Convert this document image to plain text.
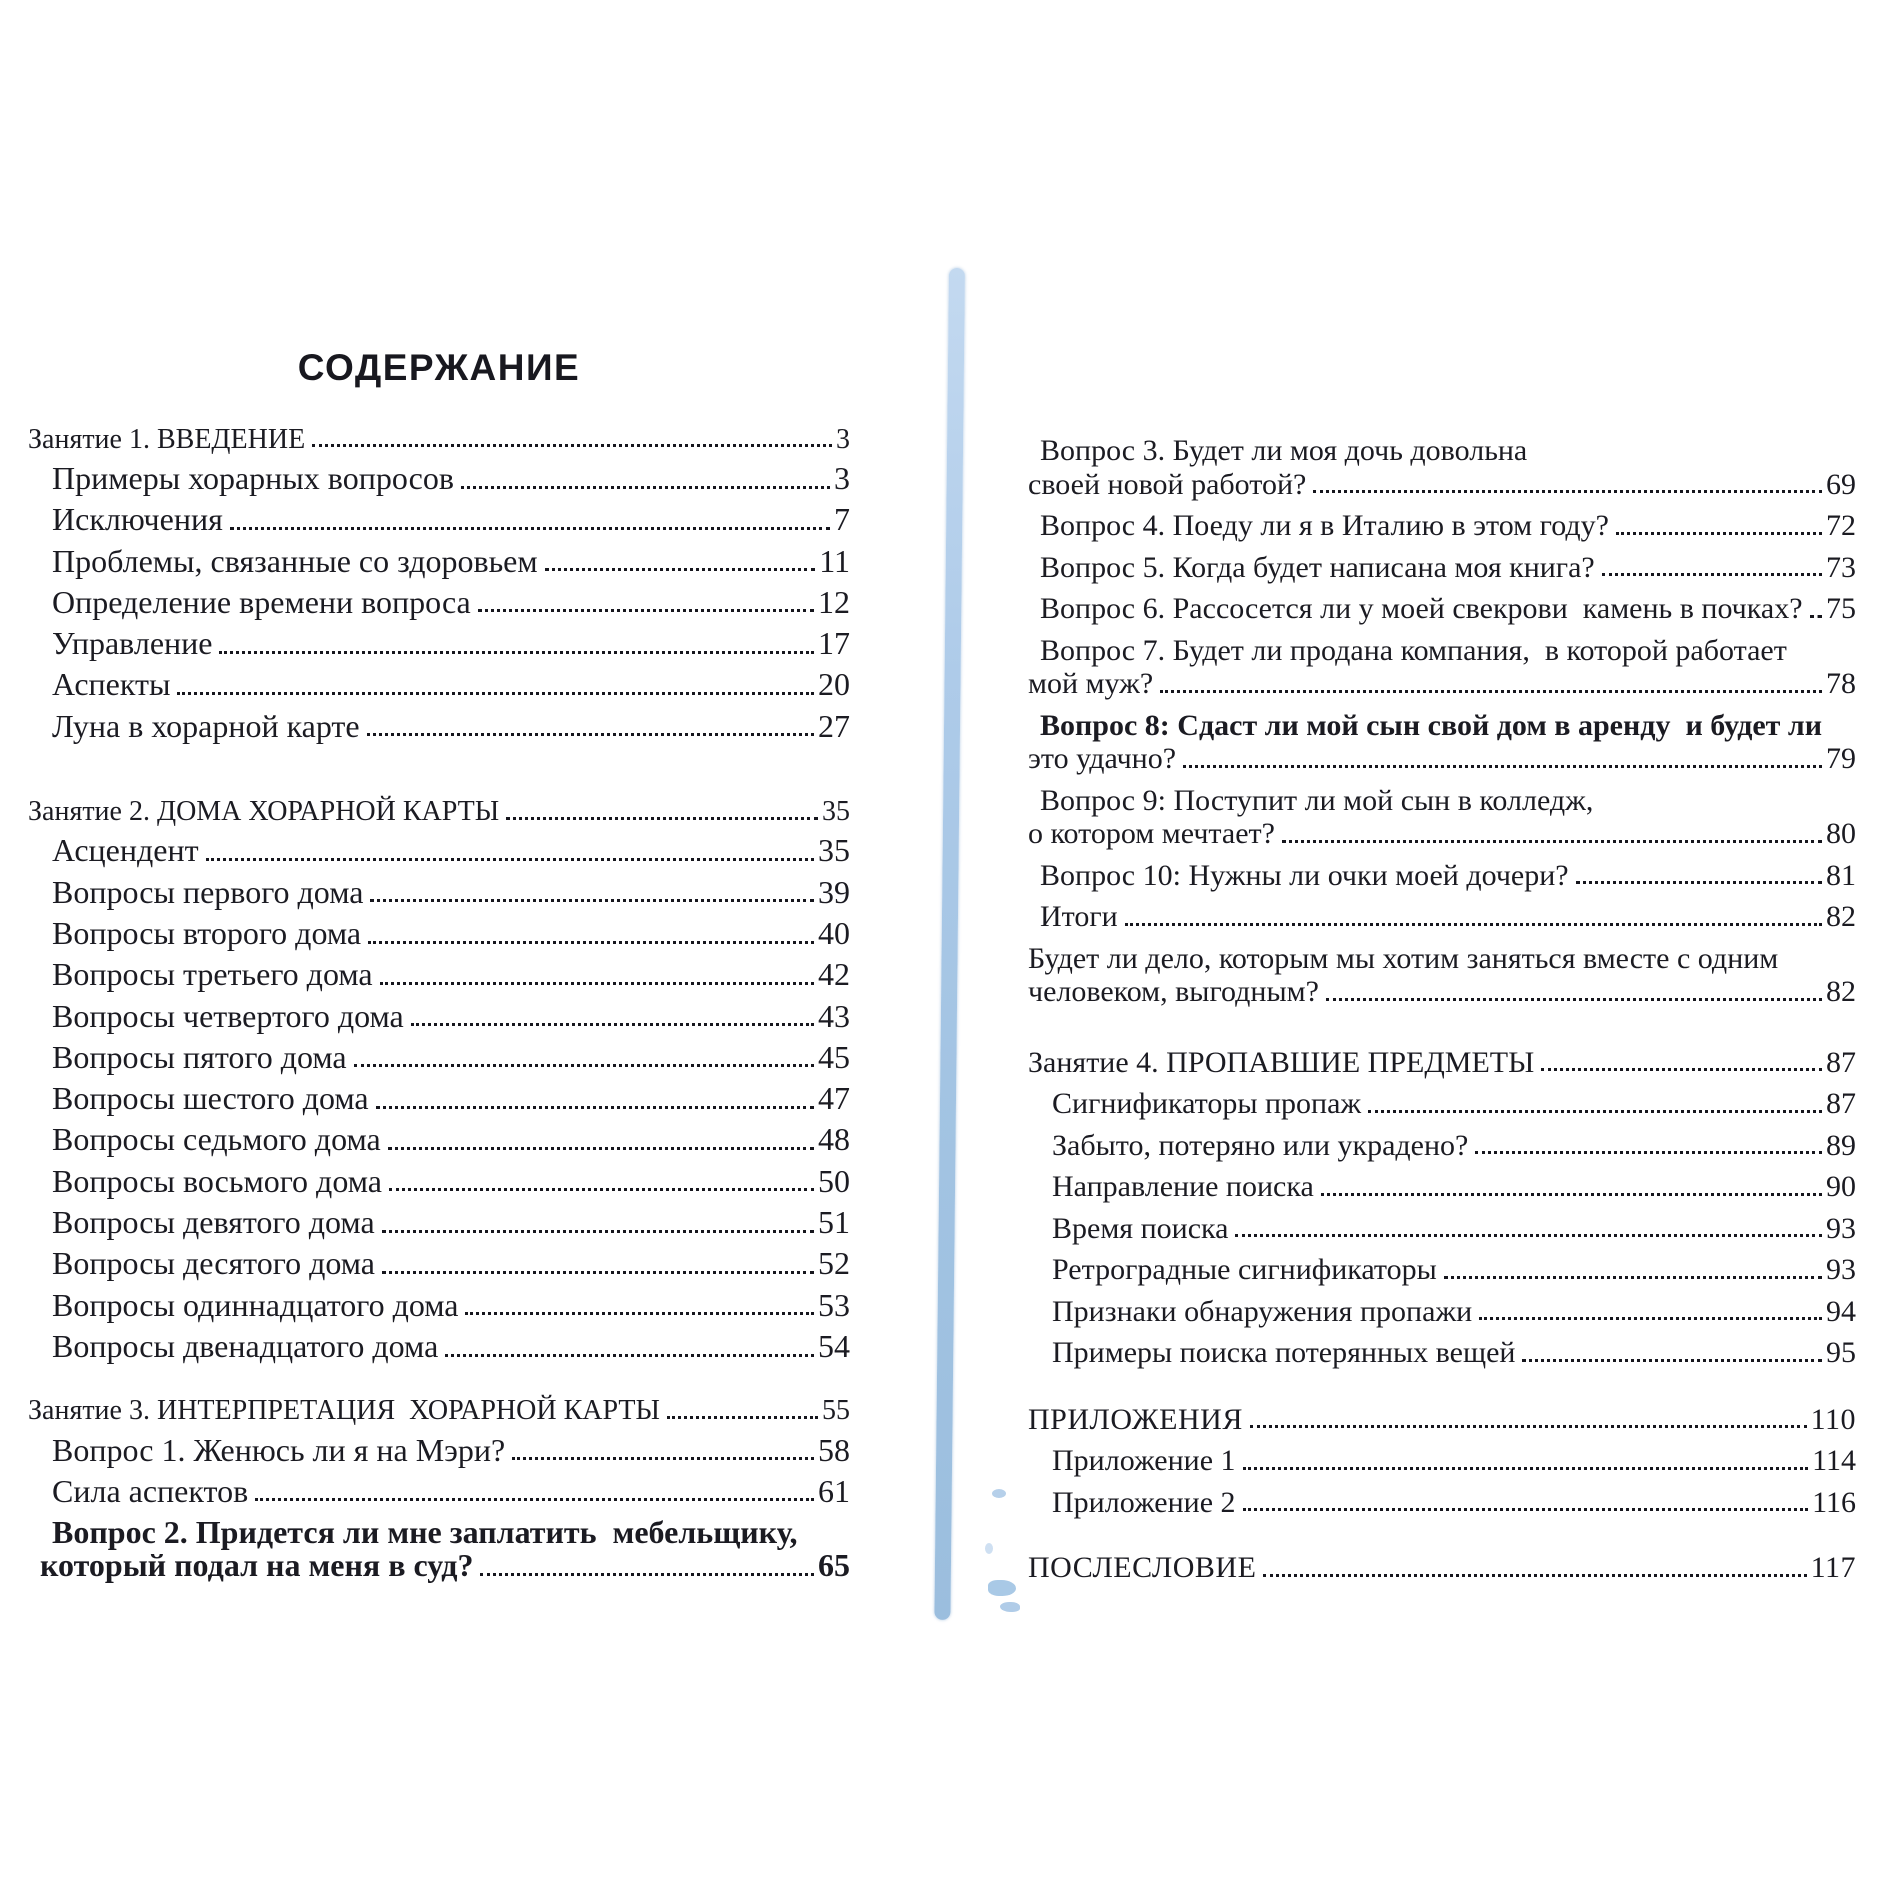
СОДЕРЖАНИЕ
Занятие 1. ВВЕДЕНИЕ	3
Примеры хорарных вопросов	3
Исключения	7
Проблемы, связанные со здоровьем	11
Определение времени вопроса	12
Управление	17
Аспекты	20
Луна в хорарной карте	27
Занятие 2. ДОМА ХОРАРНОЙ КАРТЫ	35
Асцендент	35
Вопросы первого дома	39
Вопросы второго дома	40
Вопросы третьего дома	42
Вопросы четвертого дома	43
Вопросы пятого дома	45
Вопросы шестого дома	47
Вопросы седьмого дома	48
Вопросы восьмого дома	50
Вопросы девятого дома	51
Вопросы десятого дома	52
Вопросы одиннадцатого дома	53
Вопросы двенадцатого дома	54
Занятие 3. ИНТЕРПРЕТАЦИЯ  ХОРАРНОЙ КАРТЫ	55
Вопрос 1. Женюсь ли я на Мэри?	58
Сила аспектов	61
Вопрос 2. Придется ли мне заплатить  мебельщику,
который подал на меня в суд?	65
Вопрос 3. Будет ли моя дочь довольна
своей новой работой?	69
Вопрос 4. Поеду ли я в Италию в этом году?	72
Вопрос 5. Когда будет написана моя книга?	73
Вопрос 6. Рассосется ли у моей свекрови  камень в почках? 75
Вопрос 7. Будет ли продана компания,  в которой работает
мой муж?	78
Вопрос 8: Сдаст ли мой сын свой дом в аренду  и будет ли
это удачно?	79
Вопрос 9: Поступит ли мой сын в колледж,
о котором мечтает?	80
Вопрос 10: Нужны ли очки моей дочери?	81
Итоги	82
Будет ли дело, которым мы хотим заняться вместе с одним
человеком, выгодным?	82
Занятие 4. ПРОПАВШИЕ ПРЕДМЕТЫ	87
Сигнификаторы пропаж	87
Забыто, потеряно или украдено?	89
Направление поиска	90
Время поиска	93
Ретроградные сигнификаторы	93
Признаки обнаружения пропажи	94
Примеры поиска потерянных вещей	95
ПРИЛОЖЕНИЯ	110
Приложение 1	114
Приложение 2	116
ПОСЛЕСЛОВИЕ	117
